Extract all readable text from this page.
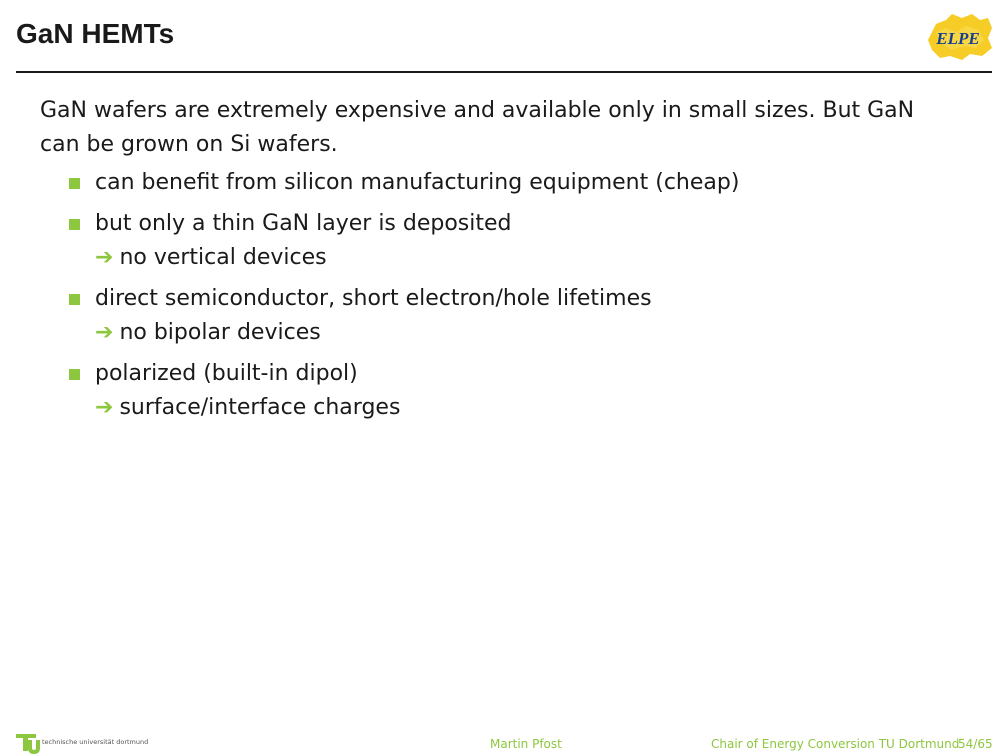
GaN HEMTs	ELPE

GaN wafers are extremely expensive and available only in small sizes. But GaN can be grown on Si wafers.

can benefit from silicon manufacturing equipment (cheap)
but only a thin GaN layer is deposited
➔ no vertical devices
direct semiconductor, short electron/hole lifetimes
➔ no bipolar devices
polarized (built-in dipol)
➔ surface/interface charges
technische universität dortmund	Martin Pfost	Chair of Energy Conversion TU Dortmund
54/65
